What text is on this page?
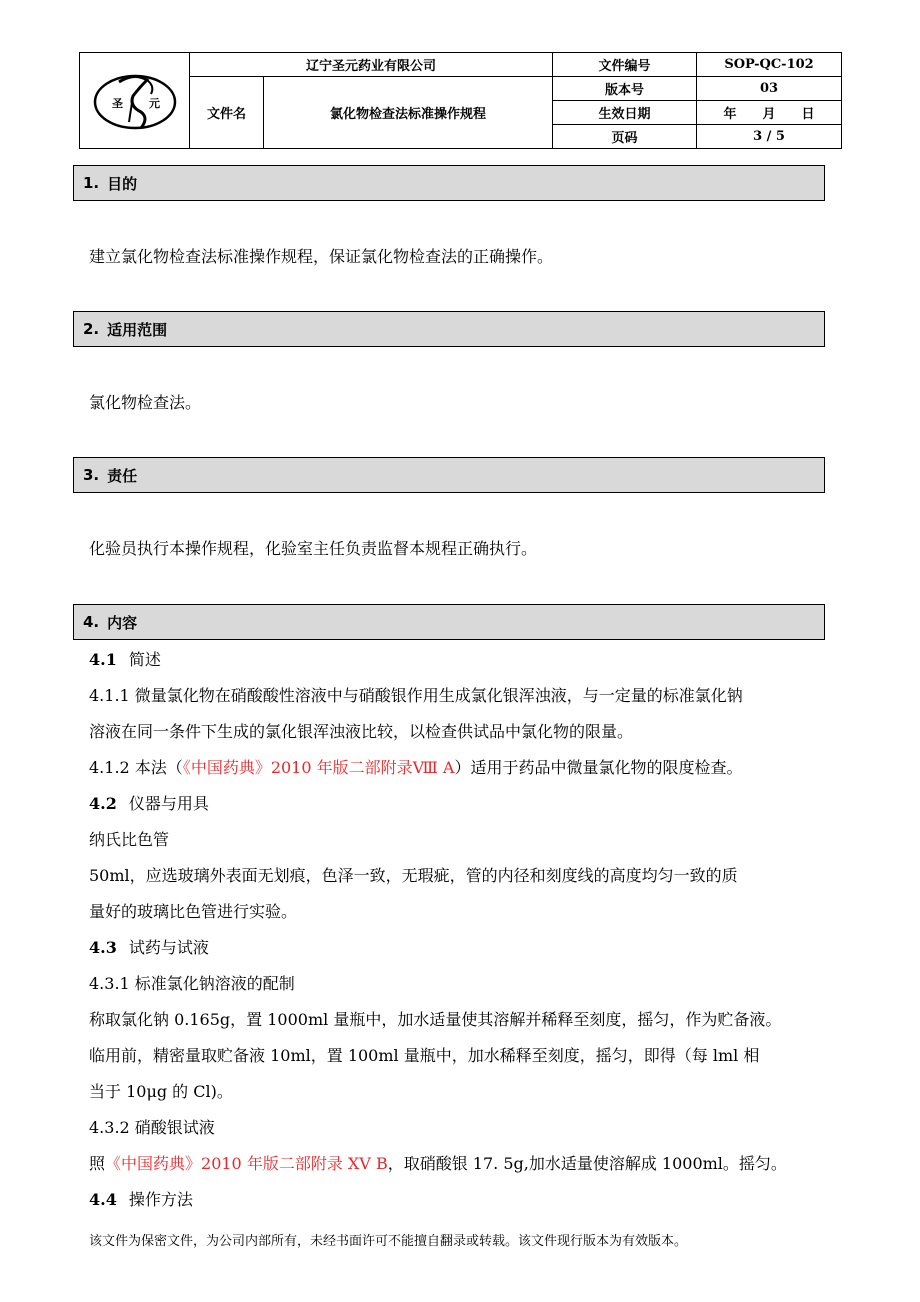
圣 元	辽宁圣元药业有限公司		文件编号	SOP-QC-102
	文件名	氯化物检查法标准操作规程	版本号	03
			生效日期	年　　月　　日
			页码	3 / 5
1. 目的

建立氯化物检查法标准操作规程，保证氯化物检查法的正确操作。

2. 适用范围

氯化物检查法。

3. 责任

化验员执行本操作规程，化验室主任负责监督本规程正确执行。

4. 内容

4.1 简述

4.1.1 微量氯化物在硝酸酸性溶液中与硝酸银作用生成氯化银浑浊液，与一定量的标准氯化钠

溶液在同一条件下生成的氯化银浑浊液比较，以检查供试品中氯化物的限量。

4.1.2 本法（《中国药典》2010 年版二部附录Ⅷ A）适用于药品中微量氯化物的限度检查。

4.2 仪器与用具

纳氏比色管

50ml，应选玻璃外表面无划痕，色泽一致，无瑕疵，管的内径和刻度线的高度均匀一致的质

量好的玻璃比色管进行实验。

4.3 试药与试液

4.3.1 标准氯化钠溶液的配制

称取氯化钠 0.165g，置 1000ml 量瓶中，加水适量使其溶解并稀释至刻度，摇匀，作为贮备液。

临用前，精密量取贮备液 10ml，置 100ml 量瓶中，加水稀释至刻度，摇匀，即得（每 lml 相

当于 10μg 的 Cl)。

4.3.2 硝酸银试液

照《中国药典》2010 年版二部附录 XV B，取硝酸银 17. 5g,加水适量使溶解成 1000ml。摇匀。

4.4 操作方法

该文件为保密文件，为公司内部所有，未经书面许可不能擅自翻录或转载。该文件现行版本为有效版本。
